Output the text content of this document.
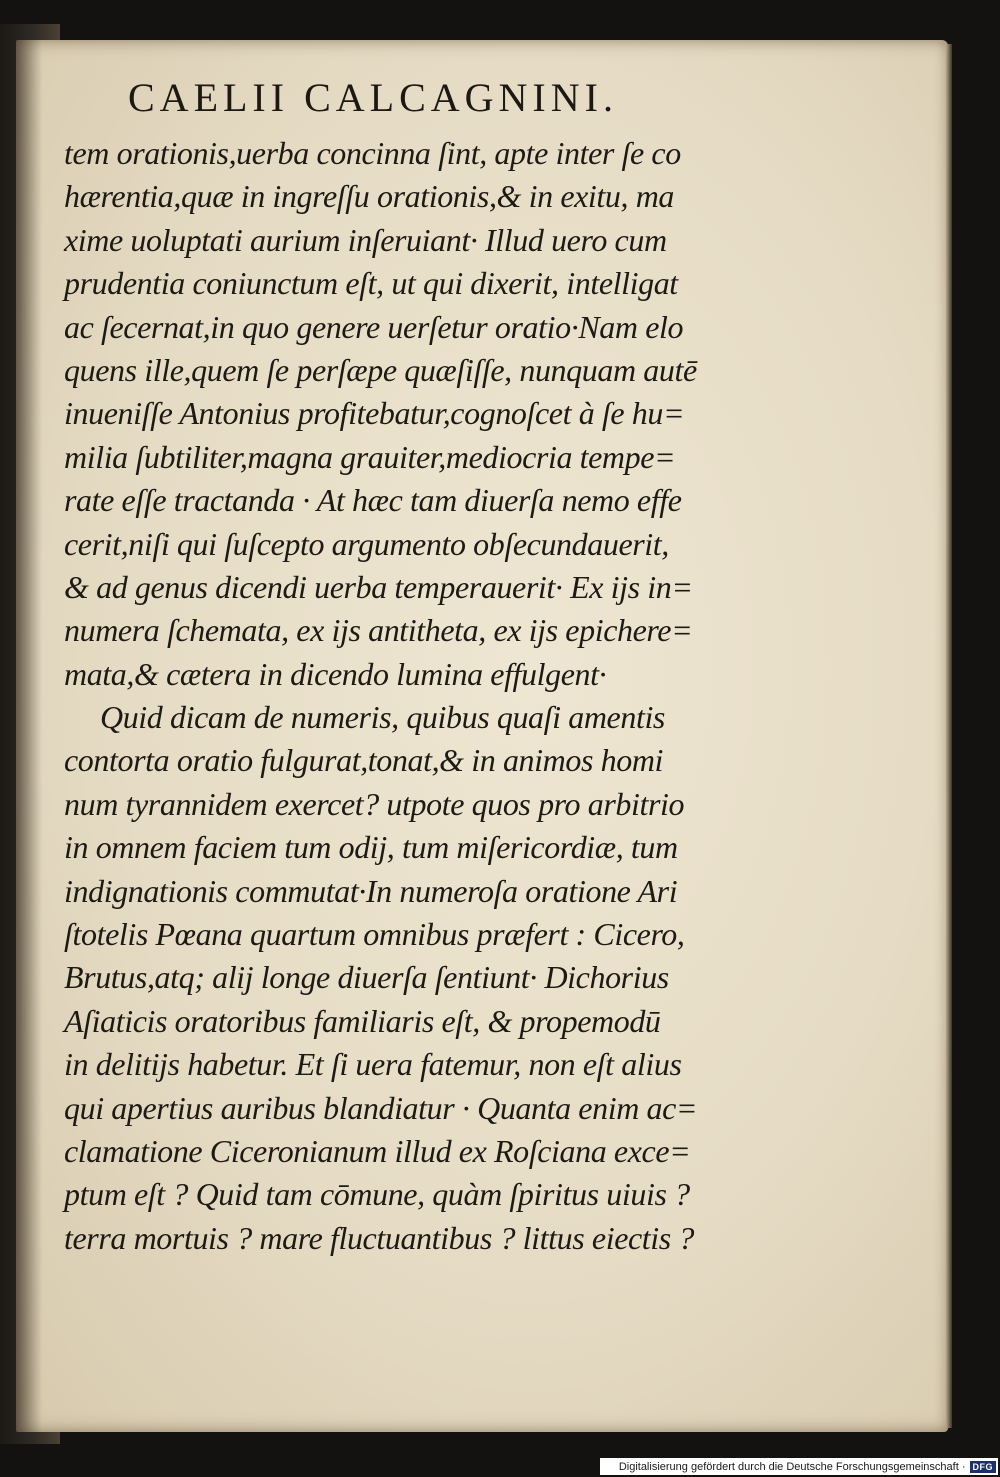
CAELII CALCAGNINI.
tem orationis,uerba concinna ſint, apte inter ſe co
hærentia,quæ in ingreſſu orationis,& in exitu, ma
xime uoluptati aurium inſeruiant· Illud uero cum
prudentia coniunctum eſt, ut qui dixerit, intelligat
ac ſecernat,in quo genere uerſetur oratio·Nam elo
quens ille,quem ſe perſæpe quæſiſſe, nunquam autē
inueniſſe Antonius profitebatur,cognoſcet à ſe hu=
milia ſubtiliter,magna grauiter,mediocria tempe=
rate eſſe tractanda · At hæc tam diuerſa nemo effe
cerit,niſi qui ſuſcepto argumento obſecundauerit,
& ad genus dicendi uerba temperauerit· Ex ijs in=
numera ſchemata, ex ijs antitheta, ex ijs epichere=
mata,& cætera in dicendo lumina effulgent·
Quid dicam de numeris, quibus quaſi amentis
contorta oratio fulgurat,tonat,& in animos homi
num tyrannidem exercet? utpote quos pro arbitrio
in omnem faciem tum odij, tum miſericordiæ, tum
indignationis commutat·In numeroſa oratione Ari
ſtotelis Pœana quartum omnibus præfert : Cicero,
Brutus,atq; alij longe diuerſa ſentiunt· Dichorius
Aſiaticis oratoribus familiaris eſt, & propemodū
in delitijs habetur. Et ſi uera fatemur, non eſt alius
qui apertius auribus blandiatur · Quanta enim ac=
clamatione Ciceronianum illud ex Roſciana exce=
ptum eſt ? Quid tam cōmune, quàm ſpiritus uiuis ?
terra mortuis ? mare fluctuantibus ? littus eiectis ?
Digitalisierung gefördert durch die Deutsche Forschungsgemeinschaft · DFG
